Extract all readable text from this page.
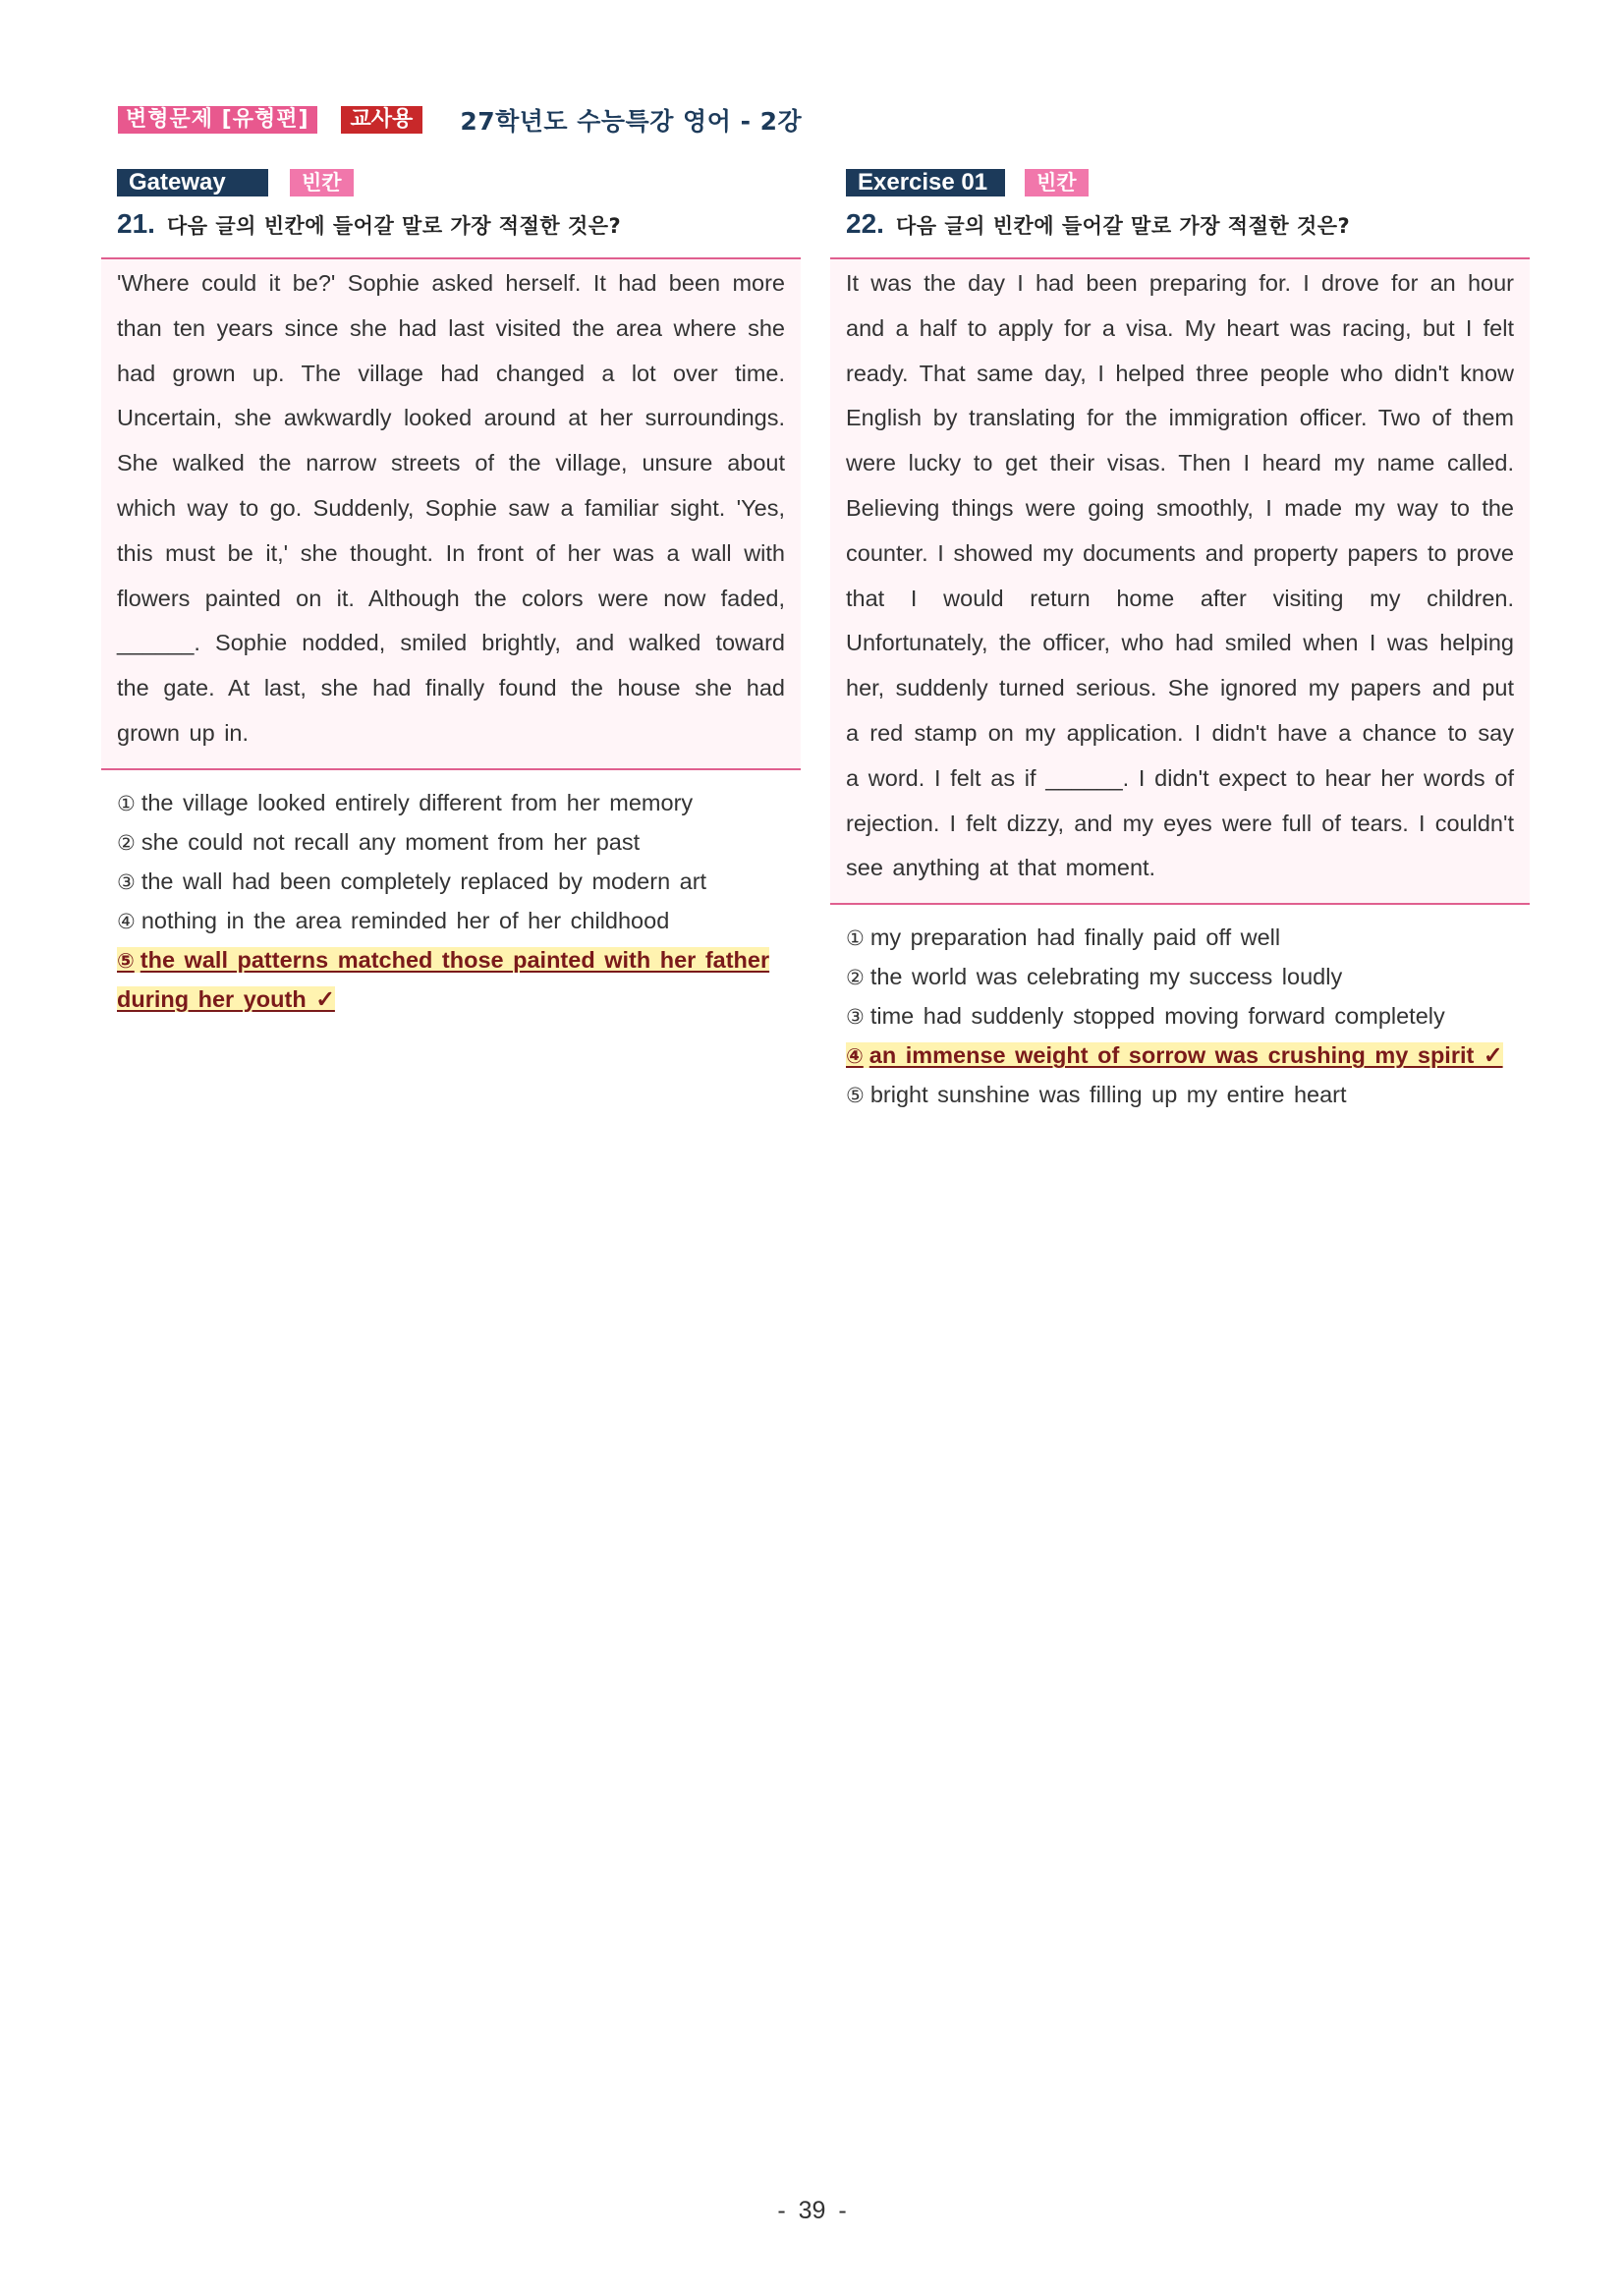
변형문제 [유형편]	교사용	27학년도 수능특강 영어 - 2강
Gateway	빈칸
21. 다음 글의 빈칸에 들어갈 말로 가장 적절한 것은?
'Where could it be?' Sophie asked herself. It had been more than ten years since she had last visited the area where she had grown up. The village had changed a lot over time. Uncertain, she awkwardly looked around at her surroundings. She walked the narrow streets of the village, unsure about which way to go. Suddenly, Sophie saw a familiar sight. 'Yes, this must be it,' she thought. In front of her was a wall with flowers painted on it. Although the colors were now faded, ______. Sophie nodded, smiled brightly, and walked toward the gate. At last, she had finally found the house she had grown up in.
① the village looked entirely different from her memory
② she could not recall any moment from her past
③ the wall had been completely replaced by modern art
④ nothing in the area reminded her of her childhood
⑤ the wall patterns matched those painted with her father during her youth ✓
Exercise 01	빈칸
22. 다음 글의 빈칸에 들어갈 말로 가장 적절한 것은?
It was the day I had been preparing for. I drove for an hour and a half to apply for a visa. My heart was racing, but I felt ready. That same day, I helped three people who didn't know English by translating for the immigration officer. Two of them were lucky to get their visas. Then I heard my name called. Believing things were going smoothly, I made my way to the counter. I showed my documents and property papers to prove that I would return home after visiting my children. Unfortunately, the officer, who had smiled when I was helping her, suddenly turned serious. She ignored my papers and put a red stamp on my application. I didn't have a chance to say a word. I felt as if ______. I didn't expect to hear her words of rejection. I felt dizzy, and my eyes were full of tears. I couldn't see anything at that moment.
① my preparation had finally paid off well
② the world was celebrating my success loudly
③ time had suddenly stopped moving forward completely
④ an immense weight of sorrow was crushing my spirit ✓
⑤ bright sunshine was filling up my entire heart
- 39 -
